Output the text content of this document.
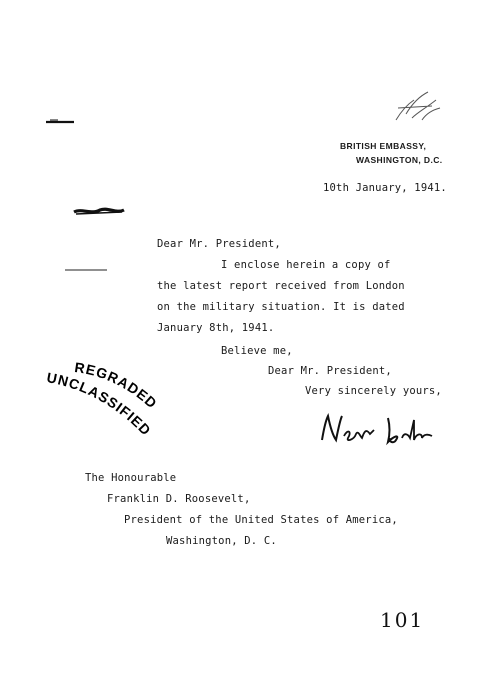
BRITISH EMBASSY,
WASHINGTON, D.C.
10th January, 1941.
Dear Mr. President,
I enclose herein a copy of
the latest report received from London
on the military situation. It is dated
January 8th, 1941.
Believe me,
Dear Mr. President,
Very sincerely yours,
REGRADED
UNCLASSIFIED
The Honourable
Franklin D. Roosevelt,
President of the United States of America,
Washington, D. C.
101
